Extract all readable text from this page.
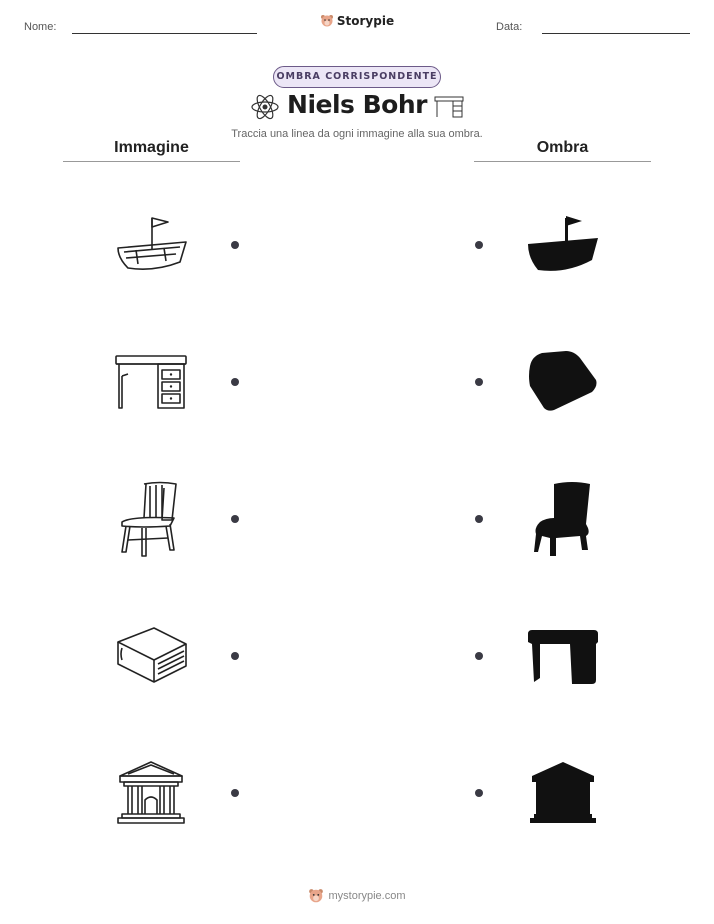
Nome:	Storypie	Data:
OMBRA CORRISPONDENTE
Niels Bohr
Traccia una linea da ogni immagine alla sua ombra.
Immagine	Ombra
mystorypie.com
